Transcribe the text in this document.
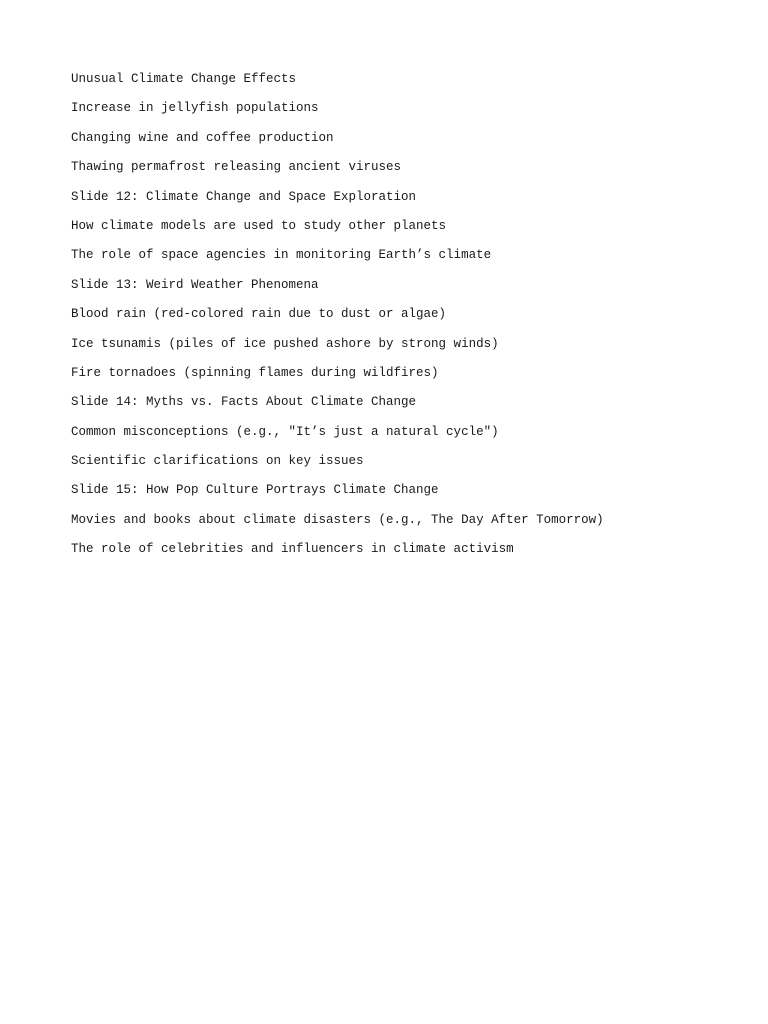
Unusual Climate Change Effects
Increase in jellyfish populations
Changing wine and coffee production
Thawing permafrost releasing ancient viruses
Slide 12: Climate Change and Space Exploration
How climate models are used to study other planets
The role of space agencies in monitoring Earth’s climate
Slide 13: Weird Weather Phenomena
Blood rain (red-colored rain due to dust or algae)
Ice tsunamis (piles of ice pushed ashore by strong winds)
Fire tornadoes (spinning flames during wildfires)
Slide 14: Myths vs. Facts About Climate Change
Common misconceptions (e.g., "It’s just a natural cycle")
Scientific clarifications on key issues
Slide 15: How Pop Culture Portrays Climate Change
Movies and books about climate disasters (e.g., The Day After Tomorrow)
The role of celebrities and influencers in climate activism
